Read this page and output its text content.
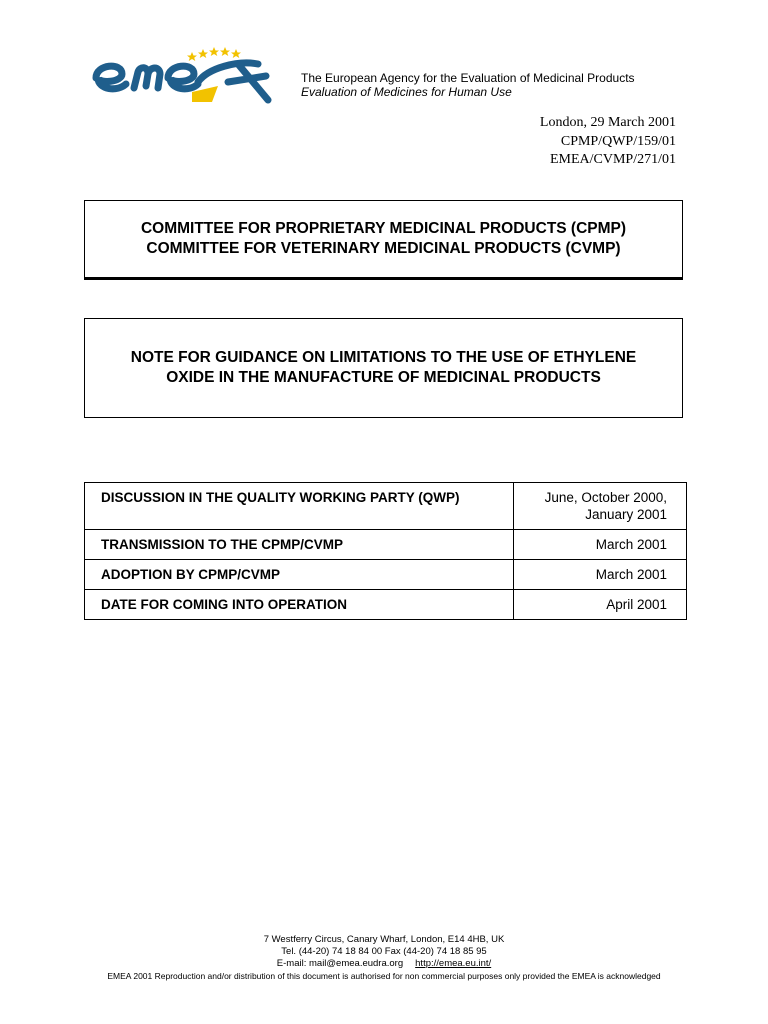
The European Agency for the Evaluation of Medicinal Products
Evaluation of Medicines for Human Use
London, 29 March 2001
CPMP/QWP/159/01
EMEA/CVMP/271/01
COMMITTEE FOR PROPRIETARY MEDICINAL PRODUCTS (CPMP)
COMMITTEE FOR VETERINARY MEDICINAL PRODUCTS (CVMP)
NOTE FOR GUIDANCE ON LIMITATIONS TO THE USE OF ETHYLENE OXIDE IN THE MANUFACTURE OF MEDICINAL PRODUCTS
DISCUSSION IN THE QUALITY WORKING PARTY (QWP)	June, October 2000, January 2001
TRANSMISSION TO THE CPMP/CVMP	March 2001
ADOPTION BY CPMP/CVMP	March 2001
DATE FOR COMING INTO OPERATION	April 2001
7 Westferry Circus, Canary Wharf, London, E14 4HB, UK
Tel. (44-20) 74 18 84 00 Fax (44-20) 74 18 85 95
E-mail: mail@emea.eudra.org http://emea.eu.int/
EMEA 2001 Reproduction and/or distribution of this document is authorised for non commercial purposes only provided the EMEA is acknowledged
